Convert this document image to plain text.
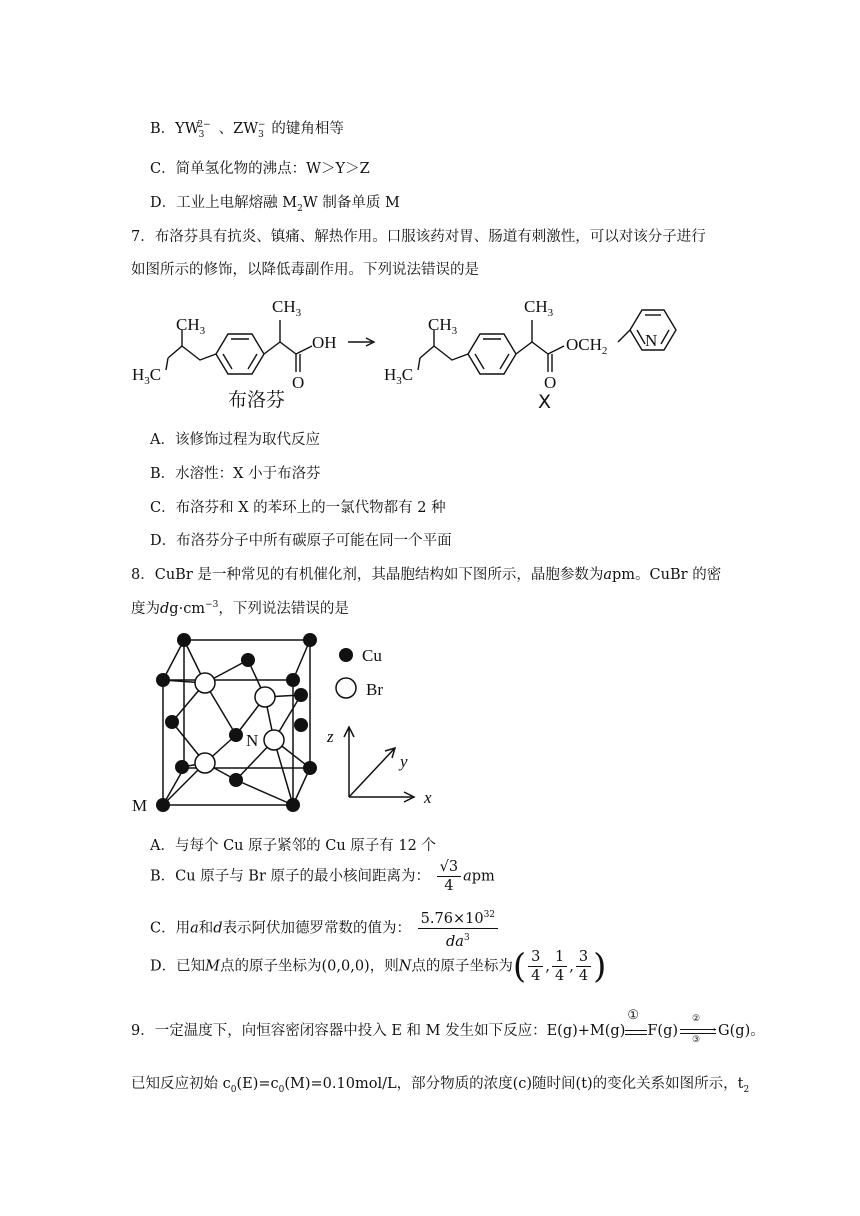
B．$YW_3^{2-}$ 、$ZW_3^-$ 的键角相等
C．简单氢化物的沸点：W＞Y＞Z
D．工业上电解熔融 $M_2W$ 制备单质 M
7．布洛芬具有抗炎、镇痛、解热作用。口服该药对胃、肠道有刺激性，可以对该分子进行
如图所示的修饰，以降低毒副作用。下列说法错误的是
$CH_3$
$CH_3$
$H_3C$
OH
O
布洛芬
$CH_3$
$CH_3$
$H_3C$
$OCH_2$
O
N
X
A．该修饰过程为取代反应
B．水溶性：X 小于布洛芬
C．布洛芬和 X 的苯环上的一氯代物都有 2 种
D．布洛芬分子中所有碳原子可能在同一个平面
8．CuBr 是一种常见的有机催化剂，其晶胞结构如下图所示，晶胞参数为apm。CuBr 的密
度为$dg\cdot cm^{-3}$，下列说法错误的是
N
M
Cu
Br
z
y
x
A．与每个 Cu 原子紧邻的 Cu 原子有 12 个
B．Cu 原子与 Br 原子的最小核间距离为： $\frac{√3}{4}$ apm
C．用a和d表示阿伏加德罗常数的值为： $\frac{5.76\times 10^{32}}{da^3}$
D．已知M点的原子坐标为(0,0,0)，则N点的原子坐标为( $\frac{3}{4}$ , $\frac{1}{4}$ , $\frac{3}{4}$ )
9．一定温度下，向恒容密闭容器中投入 E 和 M 发生如下反应：E(g)+M(g)
①
F(g)
②
›
③
G(g)。
已知反应初始 $c_0(E)=c_0(M)=0.10mol/L$，部分物质的浓度(c)随时间(t)的变化关系如图所示，$t_2$
